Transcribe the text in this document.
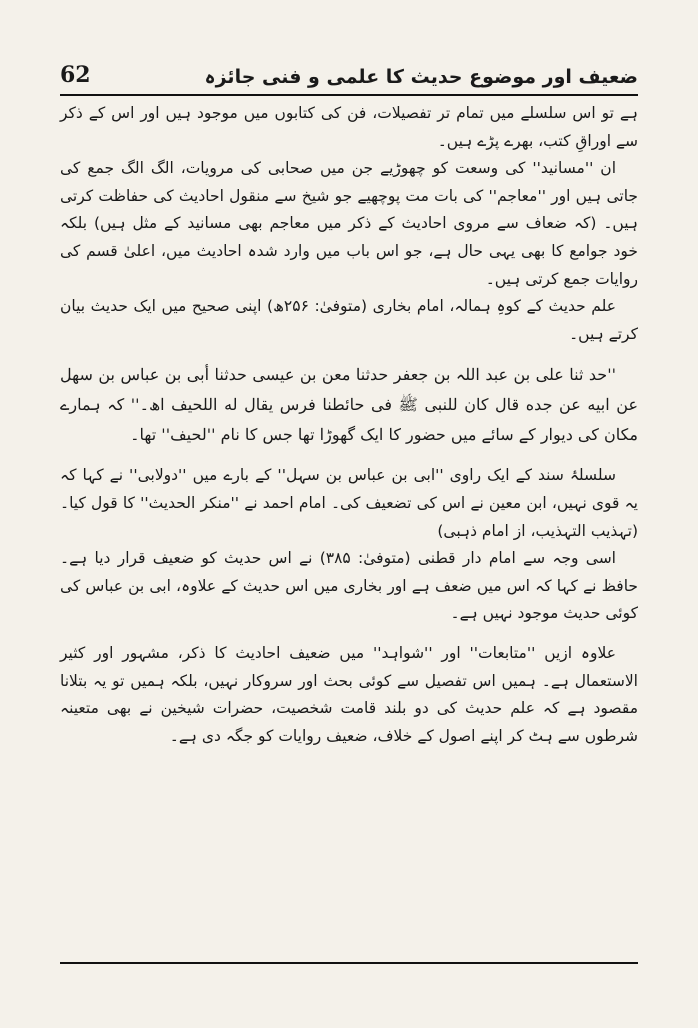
62	ضعیف اور موضوع حدیث کا علمی و فنی جائزہ

ہے تو اس سلسلے میں تمام تر تفصیلات، فن کی کتابوں میں موجود ہیں اور اس کے ذکر سے اوراقِ کتب، بھرے پڑے ہیں۔

ان ''مسانید'' کی وسعت کو چھوڑیے جن میں صحابی کی مرویات، الگ الگ جمع کی جاتی ہیں اور ''معاجم'' کی بات مت پوچھیے جو شیخ سے منقول احادیث کی حفاظت کرتی ہیں۔ (کہ ضعاف سے مروی احادیث کے ذکر میں معاجم بھی مسانید کے مثل ہیں) بلکہ خود جوامع کا بھی یہی حال ہے، جو اس باب میں وارد شدہ احادیث میں، اعلیٰ قسم کی روایات جمع کرتی ہیں۔

علم حدیث کے کوہِ ہمالہ، امام بخاری (متوفیٰ: ۲۵۶ھ) اپنی صحیح میں ایک حدیث بیان کرتے ہیں۔

''حد ثنا علی بن عبد اللہ بن جعفر حدثنا معن بن عیسی حدثنا أبی بن عباس بن سهل عن ابیه عن جده قال کان للنبی ﷺ فی حائطنا فرس يقال له اللحیف اھ۔'' کہ ہمارے مکان کی دیوار کے سائے میں حضور کا ایک گھوڑا تھا جس کا نام ''لحیف'' تھا۔

سلسلۂ سند کے ایک راوی ''ابی بن عباس بن سہل'' کے بارے میں ''دولابی'' نے کہا کہ یہ قوی نہیں، ابن معین نے اس کی تضعیف کی۔ امام احمد نے ''منکر الحدیث'' کا قول کیا۔ (تہذیب التہذیب، از امام ذہبی)

اسی وجہ سے امام دار قطنی (متوفیٰ: ۳۸۵) نے اس حدیث کو ضعیف قرار دیا ہے۔ حافظ نے کہا کہ اس میں ضعف ہے اور بخاری میں اس حدیث کے علاوہ، ابی بن عباس کی کوئی حدیث موجود نہیں ہے۔

علاوہ ازیں ''متابعات'' اور ''شواہد'' میں ضعیف احادیث کا ذکر، مشہور اور کثیر الاستعمال ہے۔ ہمیں اس تفصیل سے کوئی بحث اور سروکار نہیں، بلکہ ہمیں تو یہ بتلانا مقصود ہے کہ علم حدیث کی دو بلند قامت شخصیت، حضرات شیخین نے بھی متعینہ شرطوں سے ہٹ کر اپنے اصول کے خلاف، ضعیف روایات کو جگہ دی ہے۔
